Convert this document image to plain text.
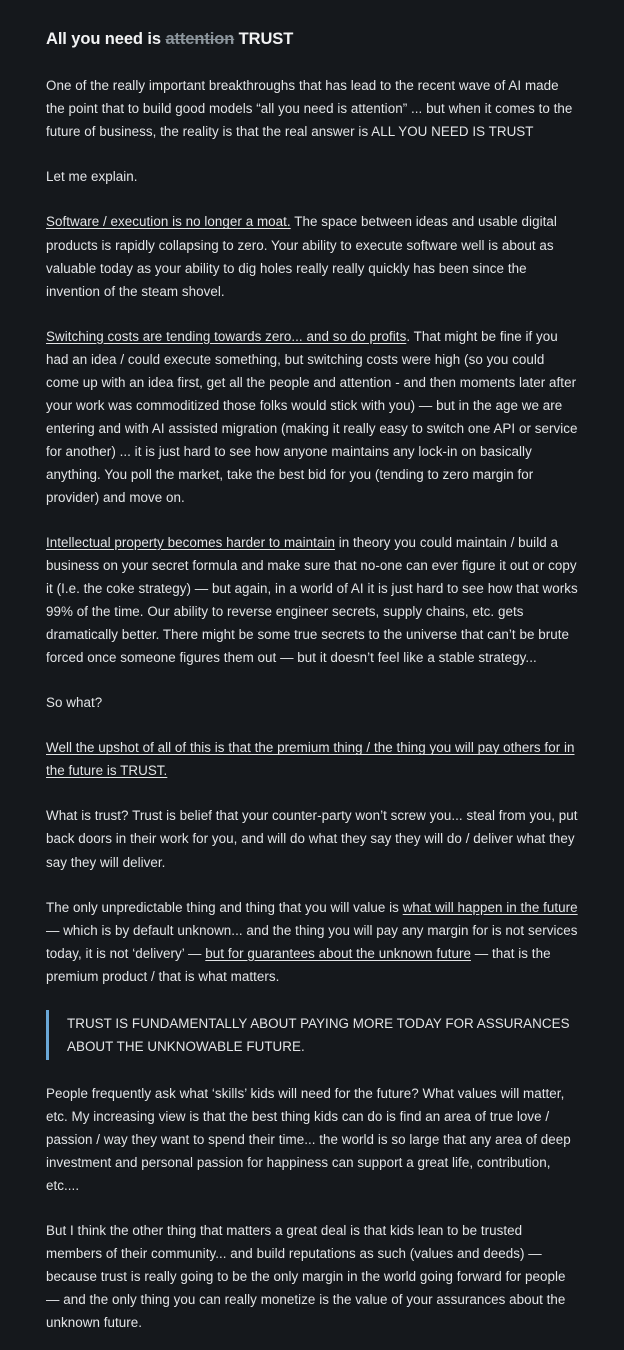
All you need is attention TRUST

One of the really important breakthroughs that has lead to the recent wave of AI made the point that to build good models “all you need is attention” ... but when it comes to the future of business, the reality is that the real answer is ALL YOU NEED IS TRUST

Let me explain.

Software / execution is no longer a moat. The space between ideas and usable digital products is rapidly collapsing to zero. Your ability to execute software well is about as valuable today as your ability to dig holes really really quickly has been since the invention of the steam shovel.

Switching costs are tending towards zero... and so do profits. That might be fine if you had an idea / could execute something, but switching costs were high (so you could come up with an idea first, get all the people and attention - and then moments later after your work was commoditized those folks would stick with you) — but in the age we are entering and with AI assisted migration (making it really easy to switch one API or service for another) ... it is just hard to see how anyone maintains any lock-in on basically anything. You poll the market, take the best bid for you (tending to zero margin for provider) and move on.

Intellectual property becomes harder to maintain in theory you could maintain / build a business on your secret formula and make sure that no-one can ever figure it out or copy it (I.e. the coke strategy) — but again, in a world of AI it is just hard to see how that works 99% of the time. Our ability to reverse engineer secrets, supply chains, etc. gets dramatically better. There might be some true secrets to the universe that can’t be brute forced once someone figures them out — but it doesn’t feel like a stable strategy...

So what?

Well the upshot of all of this is that the premium thing / the thing you will pay others for in the future is TRUST.

What is trust? Trust is belief that your counter-party won’t screw you... steal from you, put back doors in their work for you, and will do what they say they will do / deliver what they say they will deliver.

The only unpredictable thing and thing that you will value is what will happen in the future — which is by default unknown... and the thing you will pay any margin for is not services today, it is not ‘delivery’ — but for guarantees about the unknown future — that is the premium product / that is what matters.

TRUST IS FUNDAMENTALLY ABOUT PAYING MORE TODAY FOR ASSURANCES ABOUT THE UNKNOWABLE FUTURE.

People frequently ask what ‘skills’ kids will need for the future? What values will matter, etc. My increasing view is that the best thing kids can do is find an area of true love / passion / way they want to spend their time... the world is so large that any area of deep investment and personal passion for happiness can support a great life, contribution, etc....

But I think the other thing that matters a great deal is that kids lean to be trusted members of their community... and build reputations as such (values and deeds) — because trust is really going to be the only margin in the world going forward for people — and the only thing you can really monetize is the value of your assurances about the unknown future.
